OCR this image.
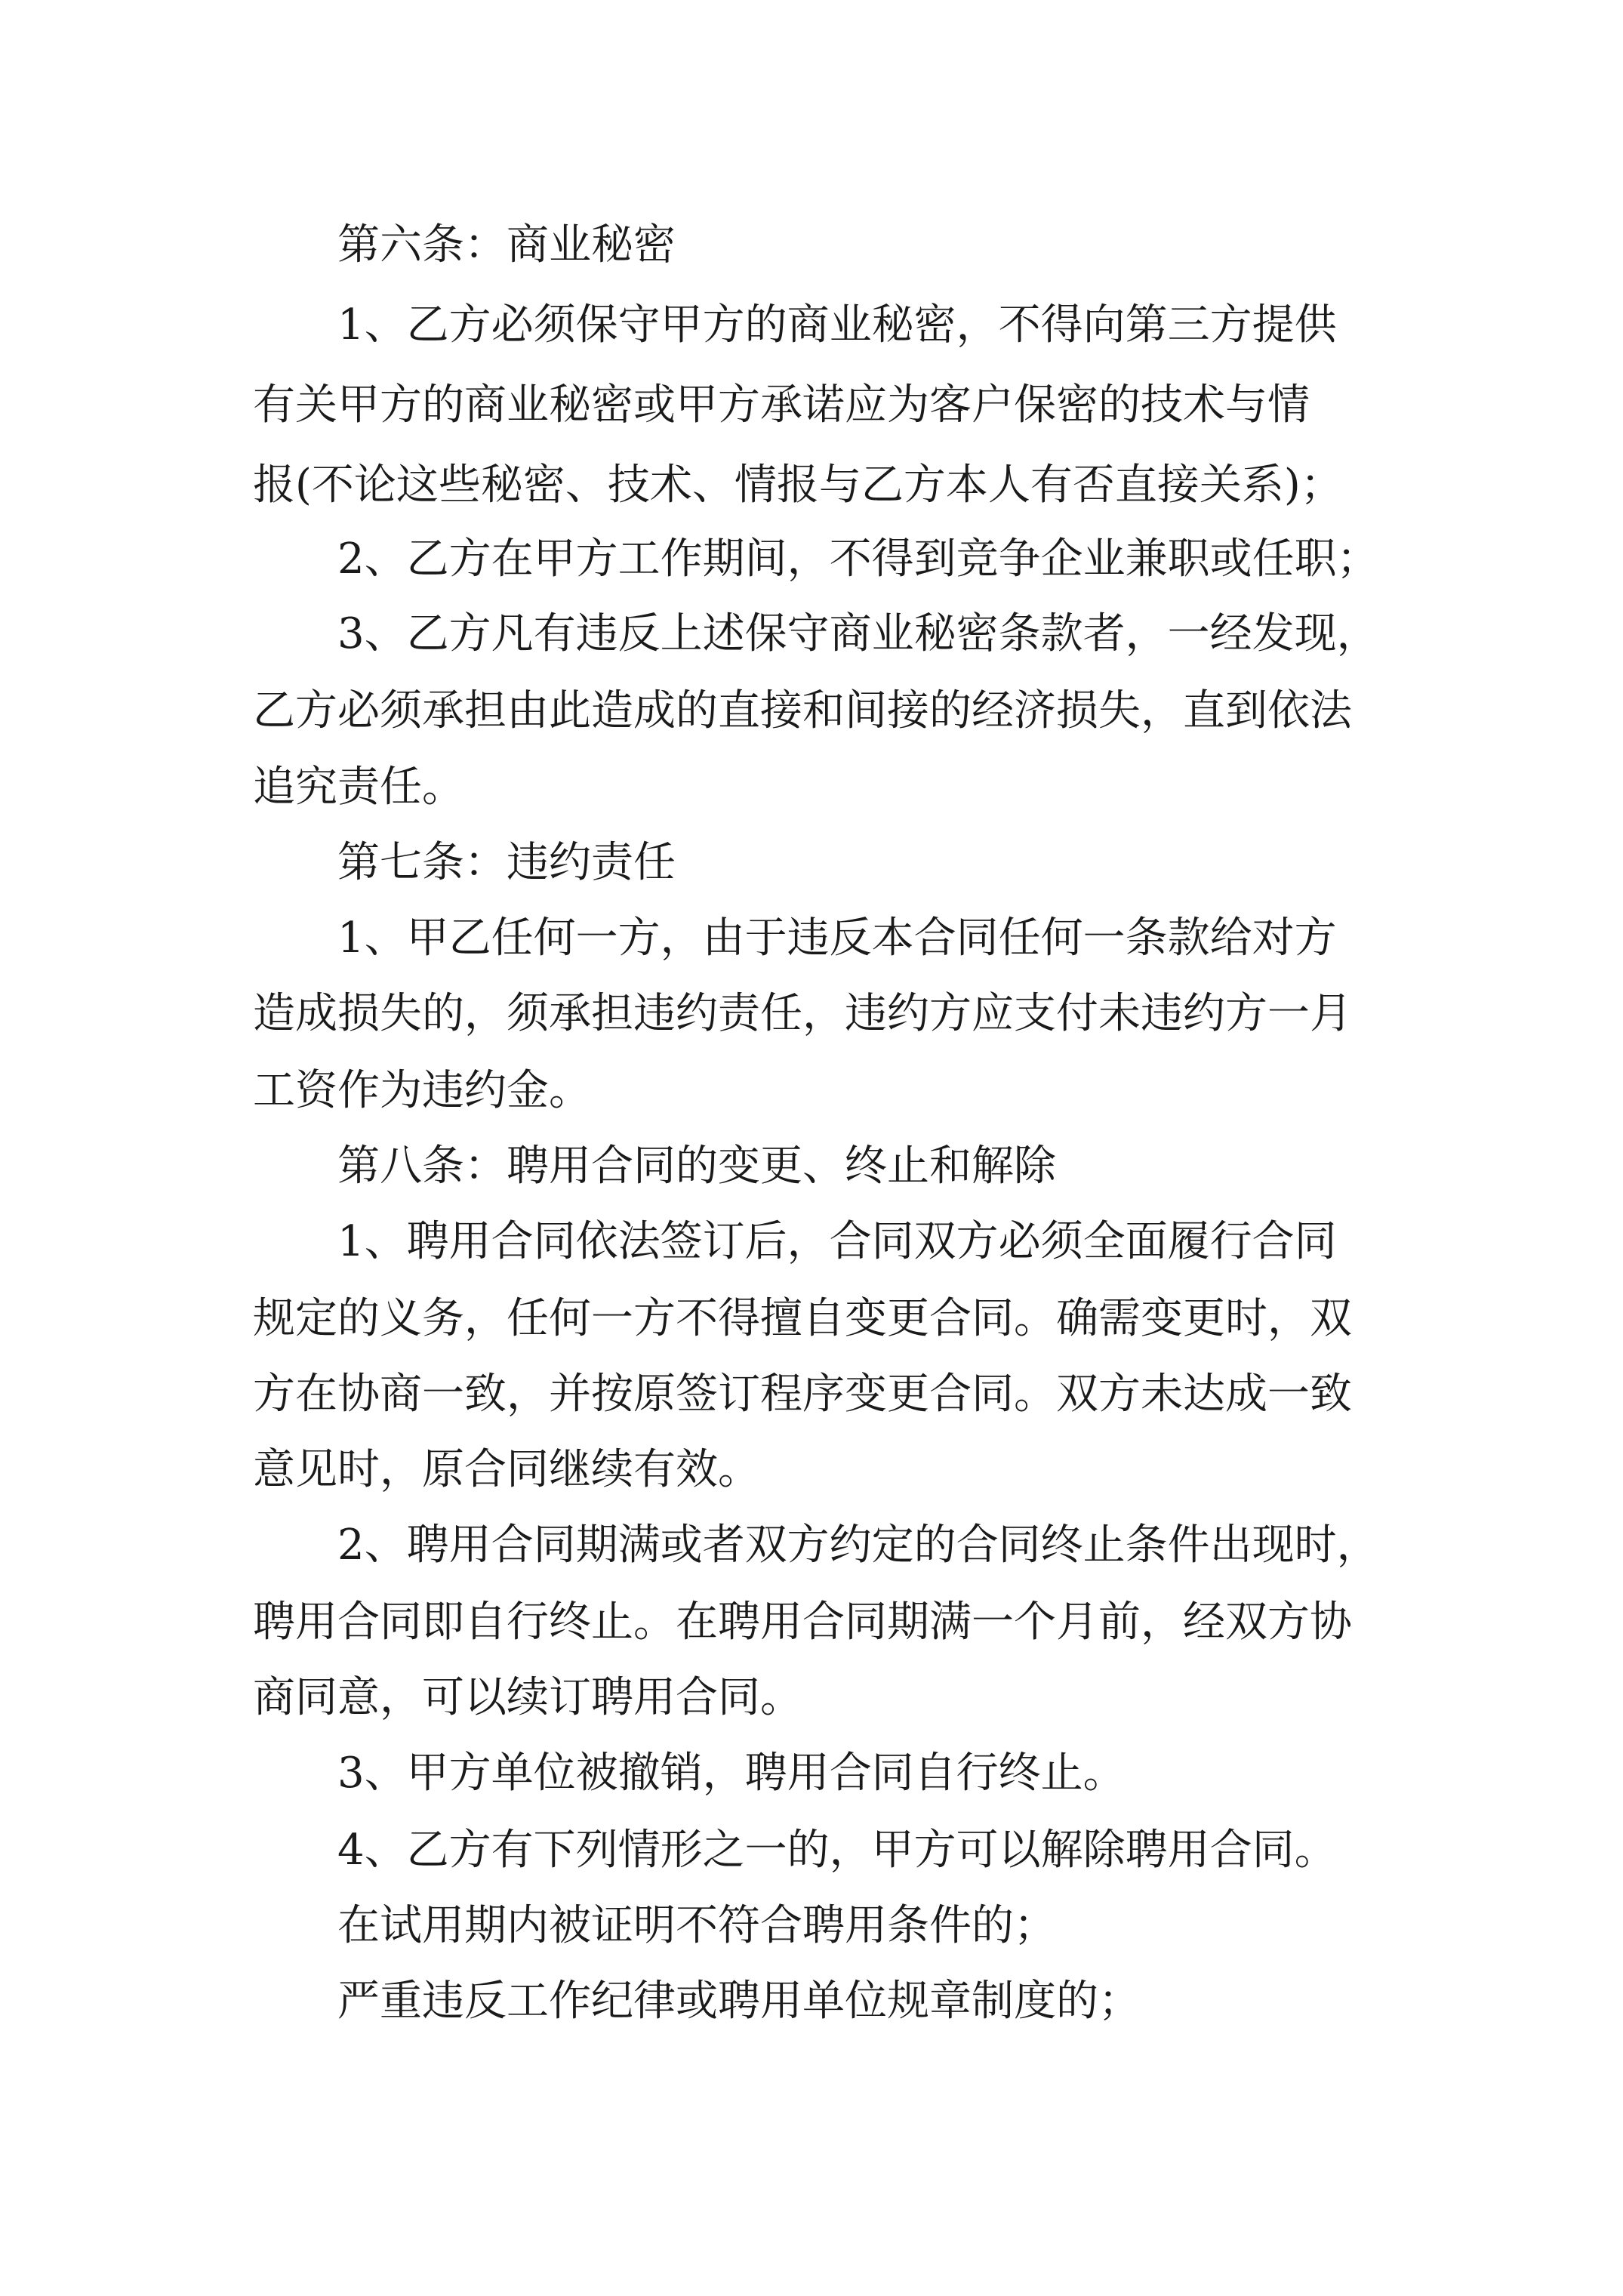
第六条：商业秘密
1、乙方必须保守甲方的商业秘密，不得向第三方提供
有关甲方的商业秘密或甲方承诺应为客户保密的技术与情
报(不论这些秘密、技术、情报与乙方本人有否直接关系)；
2、乙方在甲方工作期间，不得到竞争企业兼职或任职；
3、乙方凡有违反上述保守商业秘密条款者，一经发现，
乙方必须承担由此造成的直接和间接的经济损失，直到依法
追究责任。
第七条：违约责任
1、甲乙任何一方，由于违反本合同任何一条款给对方
造成损失的，须承担违约责任，违约方应支付未违约方一月
工资作为违约金。
第八条：聘用合同的变更、终止和解除
1、聘用合同依法签订后，合同双方必须全面履行合同
规定的义务，任何一方不得擅自变更合同。确需变更时，双
方在协商一致，并按原签订程序变更合同。双方未达成一致
意见时，原合同继续有效。
2、聘用合同期满或者双方约定的合同终止条件出现时，
聘用合同即自行终止。在聘用合同期满一个月前，经双方协
商同意，可以续订聘用合同。
3、甲方单位被撤销，聘用合同自行终止。
4、乙方有下列情形之一的，甲方可以解除聘用合同。
在试用期内被证明不符合聘用条件的；
严重违反工作纪律或聘用单位规章制度的；
